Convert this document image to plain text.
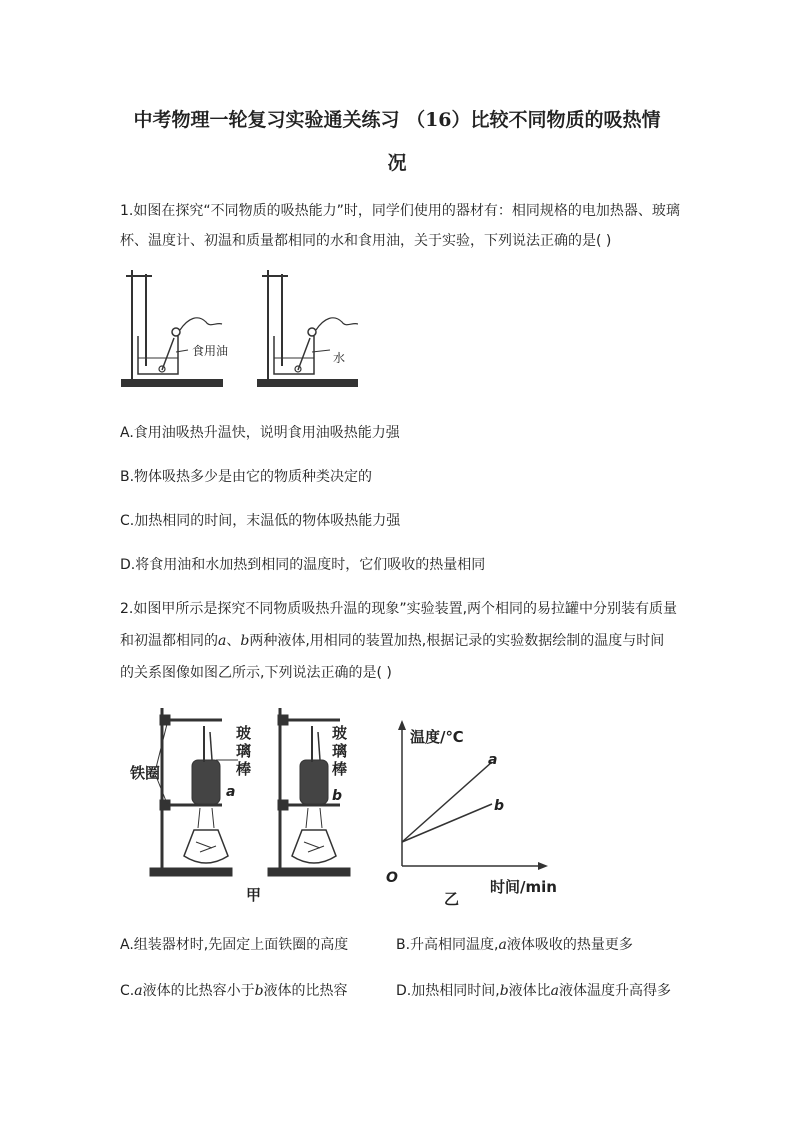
中考物理一轮复习实验通关练习 （16）比较不同物质的吸热情
况
1.如图在探究“不同物质的吸热能力”时，同学们使用的器材有：相同规格的电加热器、玻璃
杯、温度计、初温和质量都相同的水和食用油，关于实验，下列说法正确的是( )
食用油	水
A.食用油吸热升温快，说明食用油吸热能力强
B.物体吸热多少是由它的物质种类决定的
C.加热相同的时间，末温低的物体吸热能力强
D.将食用油和水加热到相同的温度时，它们吸收的热量相同
2.如图甲所示是探究不同物质吸热升温的现象”实验装置,两个相同的易拉罐中分别装有质量
和初温都相同的a、b两种液体,用相同的装置加热,根据记录的实验数据绘制的温度与时间
的关系图像如图乙所示,下列说法正确的是( )
铁圈
玻
璃
棒
玻
璃
棒
a	b
甲
温度/℃
时间/min
O
a
b
乙
A.组装器材时,先固定上面铁圈的高度	B.升高相同温度,a液体吸收的热量更多
C.a液体的比热容小于b液体的比热容	D.加热相同时间,b液体比a液体温度升高得多
